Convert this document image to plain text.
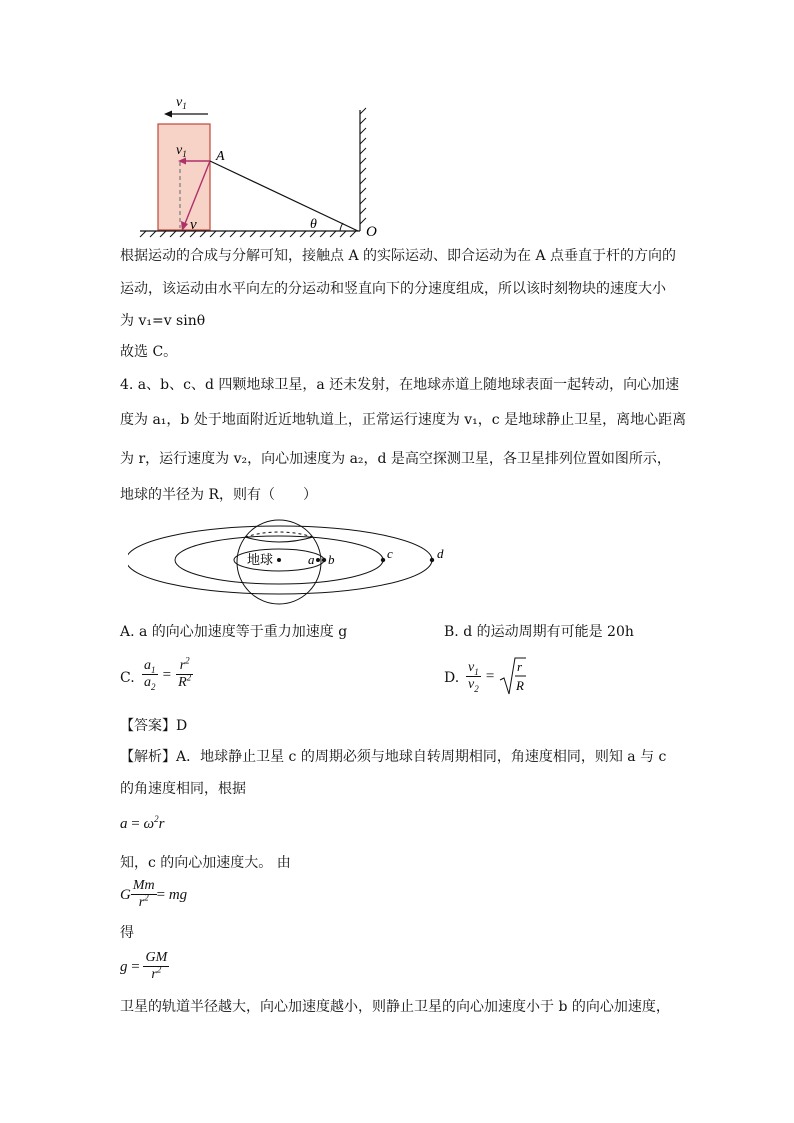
$v_1$
$v_1$
v
A
θ	O
根据运动的合成与分解可知，接触点 A 的实际运动、即合运动为在 A 点垂直于杆的方向的
运动，该运动由水平向左的分运动和竖直向下的分速度组成，所以该时刻物块的速度大小
为 v₁=v sinθ
故选 C。
4. a、b、c、d 四颗地球卫星，a 还未发射，在地球赤道上随地球表面一起转动，向心加速
度为 a₁，b 处于地面附近近地轨道上，正常运行速度为 v₁，c 是地球静止卫星，离地心距离
为 r，运行速度为 v₂，向心加速度为 a₂，d 是高空探测卫星，各卫星排列位置如图所示，
地球的半径为 R，则有（　　）
地球	a b	c	d
A. a 的向心加速度等于重力加速度 g	B. d 的运动周期有可能是 20h
C. $\frac{a_1}{a_2} = \frac{r^2}{R^2}$	D. $\frac{v_1}{v_2}$ =
r
R
【答案】D
【解析】A．地球静止卫星 c 的周期必须与地球自转周期相同，角速度相同，则知 a 与 c
的角速度相同，根据
$a = \omega^2r$
知，c 的向心加速度大。 由
G $\frac{Mm}{r^2}$ = mg
得
$g = \frac{GM}{r^2}$
卫星的轨道半径越大，向心加速度越小，则静止卫星的向心加速度小于 b 的向心加速度，
